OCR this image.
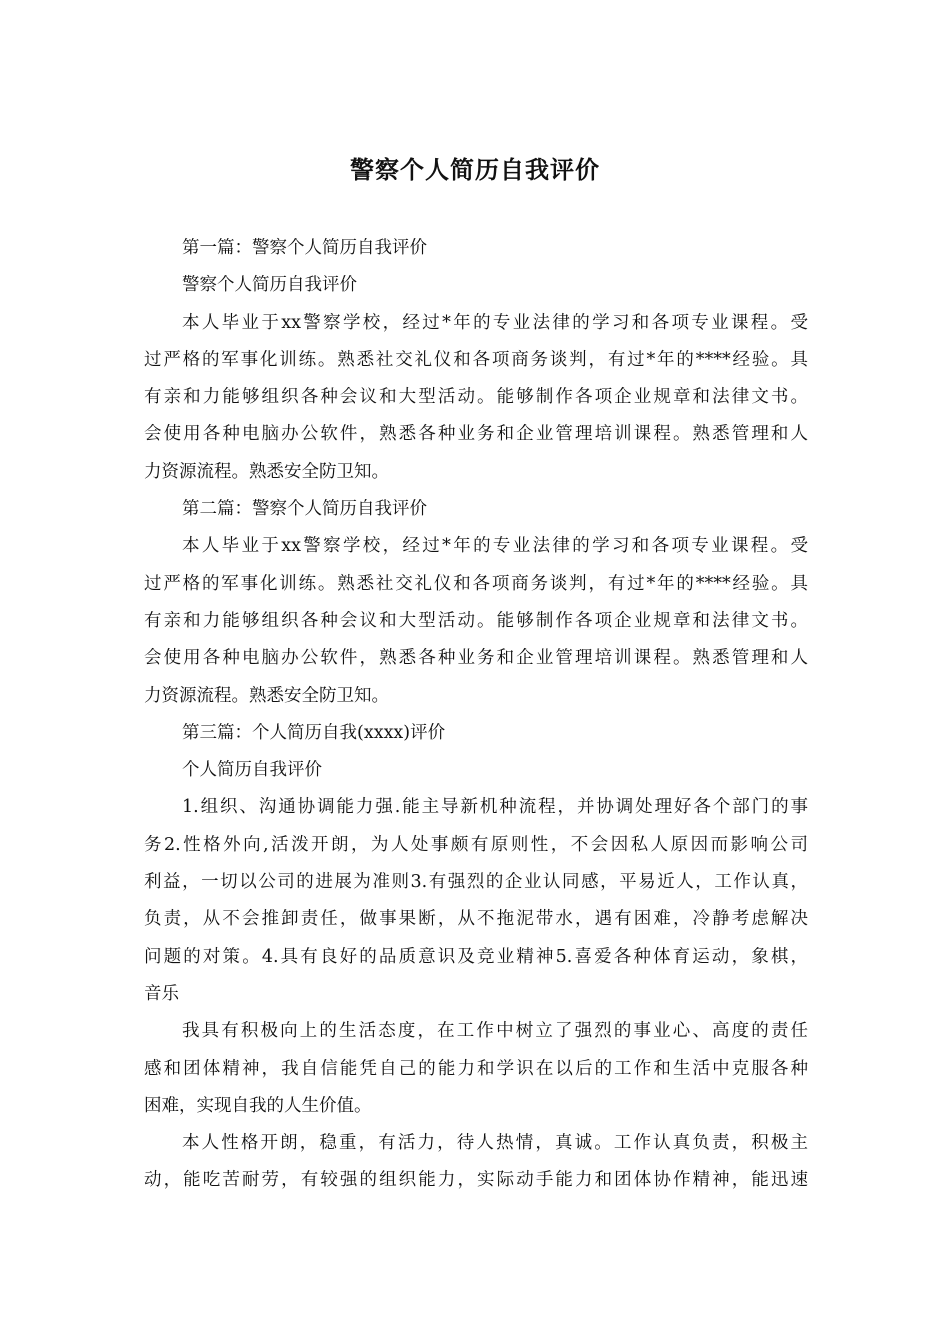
警察个人简历自我评价
第一篇：警察个人简历自我评价
警察个人简历自我评价
本人毕业于xx警察学校，经过*年的专业法律的学习和各项专业课程。受
过严格的军事化训练。熟悉社交礼仪和各项商务谈判，有过*年的****经验。具
有亲和力能够组织各种会议和大型活动。能够制作各项企业规章和法律文书。
会使用各种电脑办公软件，熟悉各种业务和企业管理培训课程。熟悉管理和人
力资源流程。熟悉安全防卫知。
第二篇：警察个人简历自我评价
本人毕业于xx警察学校，经过*年的专业法律的学习和各项专业课程。受
过严格的军事化训练。熟悉社交礼仪和各项商务谈判，有过*年的****经验。具
有亲和力能够组织各种会议和大型活动。能够制作各项企业规章和法律文书。
会使用各种电脑办公软件，熟悉各种业务和企业管理培训课程。熟悉管理和人
力资源流程。熟悉安全防卫知。
第三篇：个人简历自我(xxxx)评价
个人简历自我评价
1.组织、沟通协调能力强.能主导新机种流程，并协调处理好各个部门的事
务2.性格外向,活泼开朗，为人处事颇有原则性，不会因私人原因而影响公司
利益，一切以公司的进展为准则3.有强烈的企业认同感，平易近人，工作认真，
负责，从不会推卸责任，做事果断，从不拖泥带水，遇有困难，冷静考虑解决
问题的对策。4.具有良好的品质意识及竞业精神5.喜爱各种体育运动，象棋，
音乐
我具有积极向上的生活态度，在工作中树立了强烈的事业心、高度的责任
感和团体精神，我自信能凭自己的能力和学识在以后的工作和生活中克服各种
困难，实现自我的人生价值。
本人性格开朗，稳重，有活力，待人热情，真诚。工作认真负责，积极主
动，能吃苦耐劳，有较强的组织能力，实际动手能力和团体协作精神，能迅速
